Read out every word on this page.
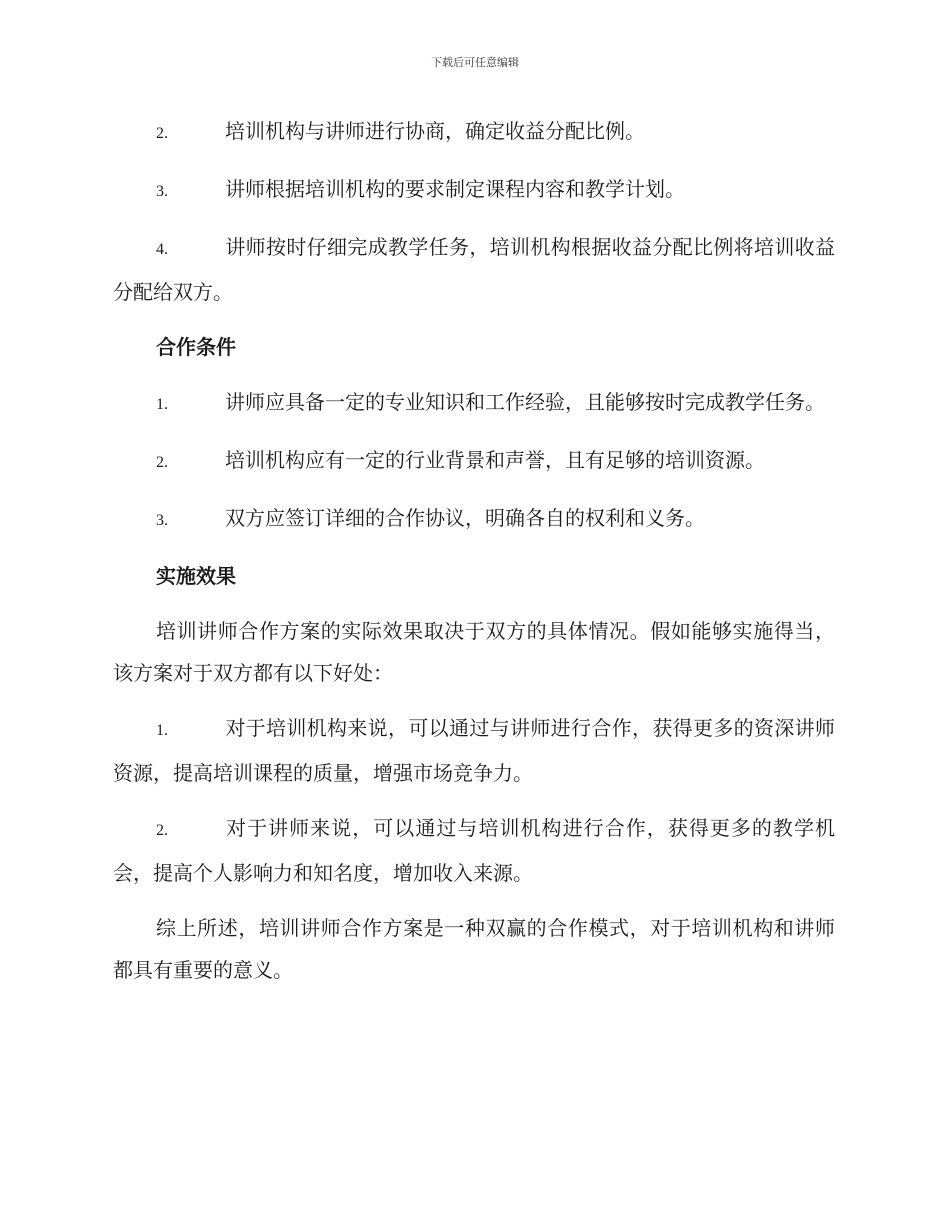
下载后可任意编辑

2.	培训机构与讲师进行协商，确定收益分配比例。

3.	讲师根据培训机构的要求制定课程内容和教学计划。

4.	讲师按时仔细完成教学任务，培训机构根据收益分配比例将培训收益分配给双方。

合作条件

1.	讲师应具备一定的专业知识和工作经验，且能够按时完成教学任务。

2.	培训机构应有一定的行业背景和声誉，且有足够的培训资源。

3.	双方应签订详细的合作协议，明确各自的权利和义务。

实施效果

培训讲师合作方案的实际效果取决于双方的具体情况。假如能够实施得当，该方案对于双方都有以下好处：

1.	对于培训机构来说，可以通过与讲师进行合作，获得更多的资深讲师资源，提高培训课程的质量，增强市场竞争力。

2.	对于讲师来说，可以通过与培训机构进行合作，获得更多的教学机会，提高个人影响力和知名度，增加收入来源。

综上所述，培训讲师合作方案是一种双赢的合作模式，对于培训机构和讲师都具有重要的意义。
